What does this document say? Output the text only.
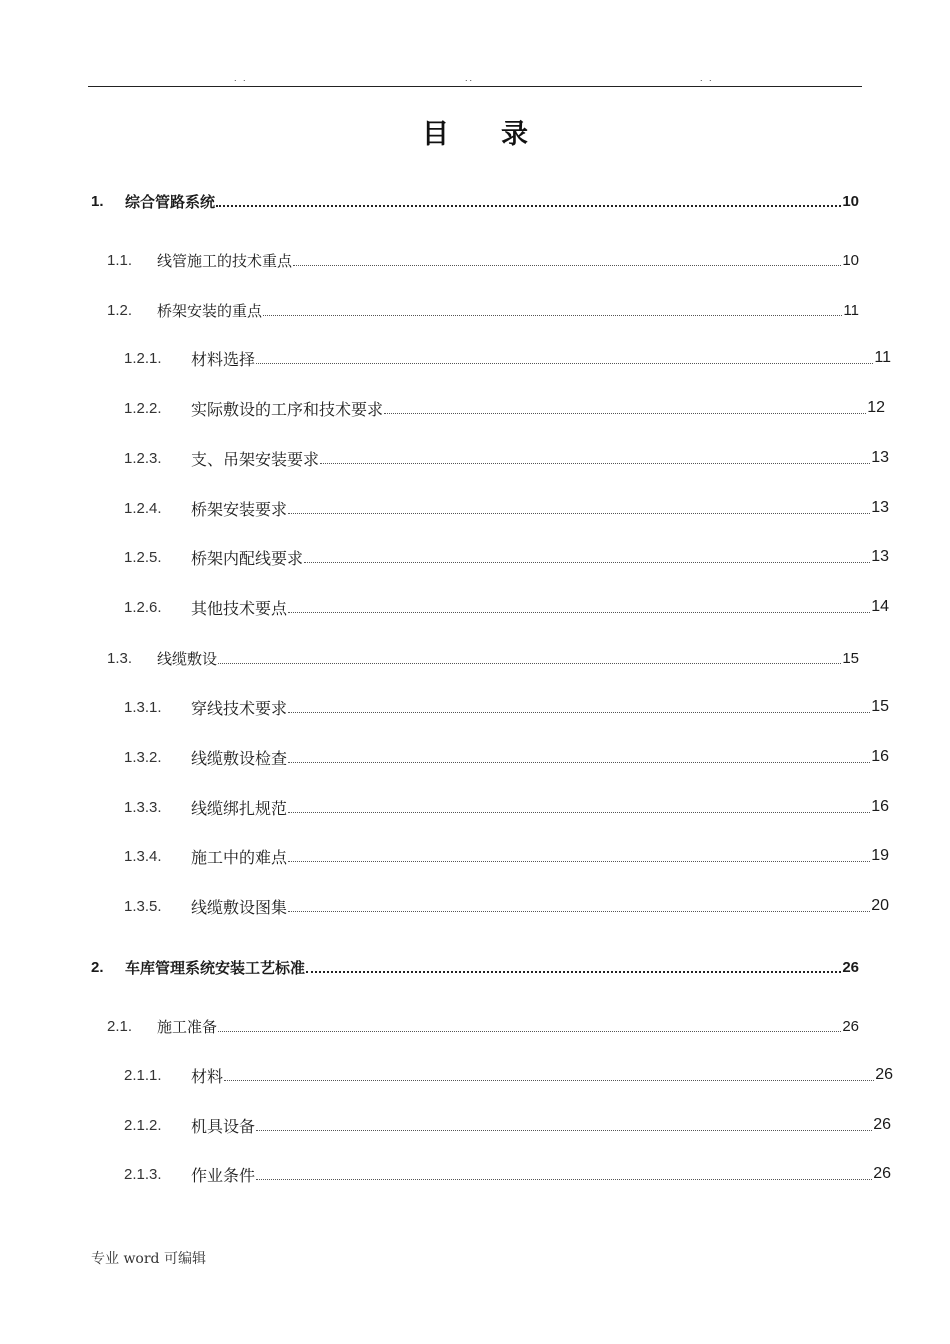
. .	..	. .
目录
1.	综合管路系统	10
1.1.	线管施工的技术重点	10
1.2.	桥架安装的重点	11
1.2.1.	材料选择	11
1.2.2.	实际敷设的工序和技术要求	12
1.2.3.	支、吊架安装要求	13
1.2.4.	桥架安装要求	13
1.2.5.	桥架内配线要求	13
1.2.6.	其他技术要点	14
1.3.	线缆敷设	15
1.3.1.	穿线技术要求	15
1.3.2.	线缆敷设检查	16
1.3.3.	线缆绑扎规范	16
1.3.4.	施工中的难点	19
1.3.5.	线缆敷设图集	20
2.	车库管理系统安装工艺标准	26
2.1.	施工准备	26
2.1.1.	材料	26
2.1.2.	机具设备	26
2.1.3.	作业条件	26
专业 word 可编辑
